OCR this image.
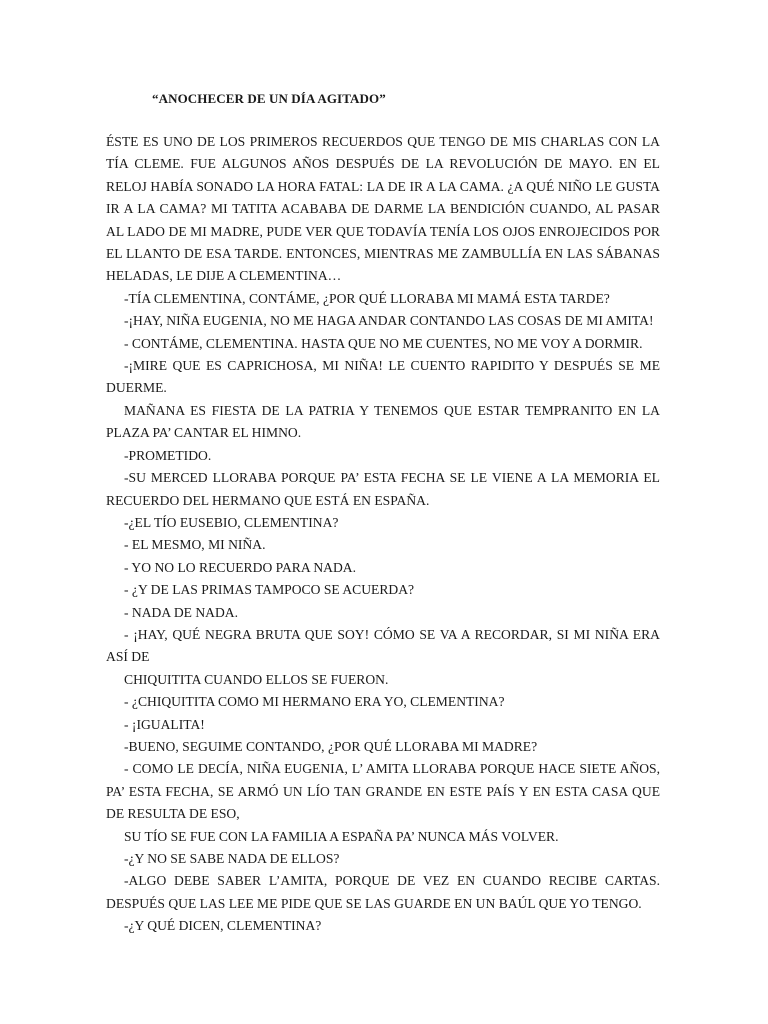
“ANOCHECER DE UN DÍA AGITADO”

ÉSTE ES UNO DE LOS PRIMEROS RECUERDOS QUE TENGO DE MIS CHARLAS CON LA TÍA CLEME. FUE ALGUNOS AÑOS DESPUÉS DE LA REVOLUCIÓN DE MAYO. EN EL RELOJ HABÍA SONADO LA HORA FATAL: LA DE IR A LA CAMA. ¿A QUÉ NIÑO LE GUSTA IR A LA CAMA? MI TATITA ACABABA DE DARME LA BENDICIÓN CUANDO, AL PASAR AL LADO DE MI MADRE, PUDE VER QUE TODAVÍA TENÍA LOS OJOS ENROJECIDOS POR EL LLANTO DE ESA TARDE. ENTONCES, MIENTRAS ME ZAMBULLÍA EN LAS SÁBANAS HELADAS, LE DIJE A CLEMENTINA…

-TÍA CLEMENTINA, CONTÁME, ¿POR QUÉ LLORABA MI MAMÁ ESTA TARDE?

-¡HAY, NIÑA EUGENIA, NO ME HAGA ANDAR CONTANDO LAS COSAS DE MI AMITA!

- CONTÁME, CLEMENTINA. HASTA QUE NO ME CUENTES, NO ME VOY A DORMIR.

-¡MIRE QUE ES CAPRICHOSA, MI NIÑA! LE CUENTO RAPIDITO Y DESPUÉS SE ME DUERME.

MAÑANA ES FIESTA DE LA PATRIA Y TENEMOS QUE ESTAR TEMPRANITO EN LA PLAZA PA’ CANTAR EL HIMNO.

-PROMETIDO.

-SU MERCED LLORABA PORQUE PA’ ESTA FECHA SE LE VIENE A LA MEMORIA EL RECUERDO DEL HERMANO QUE ESTÁ EN ESPAÑA.

-¿EL TÍO EUSEBIO, CLEMENTINA?

- EL MESMO, MI NIÑA.

- YO NO LO RECUERDO PARA NADA.

- ¿Y DE LAS PRIMAS TAMPOCO SE ACUERDA?

- NADA DE NADA.

- ¡HAY, QUÉ NEGRA BRUTA QUE SOY! CÓMO SE VA A RECORDAR, SI MI NIÑA ERA ASÍ DE

CHIQUITITA CUANDO ELLOS SE FUERON.

- ¿CHIQUITITA COMO MI HERMANO ERA YO, CLEMENTINA?

- ¡IGUALITA!

-BUENO, SEGUIME CONTANDO, ¿POR QUÉ LLORABA MI MADRE?

- COMO LE DECÍA, NIÑA EUGENIA, L’ AMITA LLORABA PORQUE HACE SIETE AÑOS, PA’ ESTA FECHA, SE ARMÓ UN LÍO TAN GRANDE EN ESTE PAÍS Y EN ESTA CASA QUE DE RESULTA DE ESO,

SU TÍO SE FUE CON LA FAMILIA A ESPAÑA PA’ NUNCA MÁS VOLVER.

-¿Y NO SE SABE NADA DE ELLOS?

-ALGO DEBE SABER L’AMITA, PORQUE DE VEZ EN CUANDO RECIBE CARTAS. DESPUÉS QUE LAS LEE ME PIDE QUE SE LAS GUARDE EN UN BAÚL QUE YO TENGO.

-¿Y QUÉ DICEN, CLEMENTINA?
